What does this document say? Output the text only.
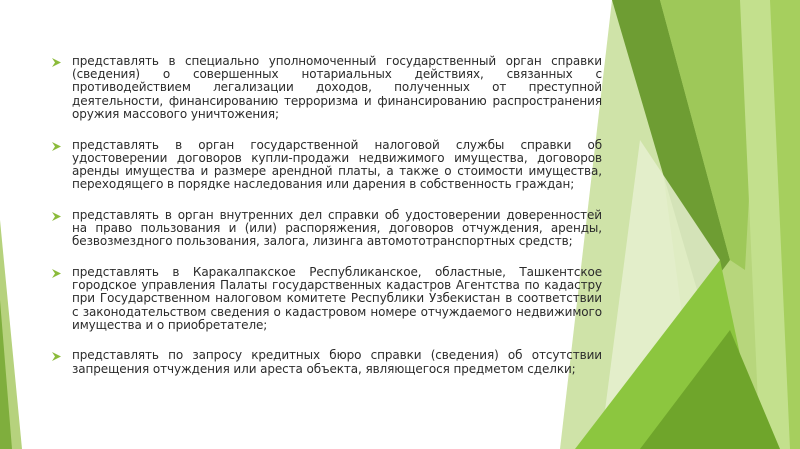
представлять в специально уполномоченный государственный орган справки (сведения) о совершенных нотариальных действиях, связанных с противодействием легализации доходов, полученных от преступной деятельности, финансированию терроризма и финансированию распространения оружия массового уничтожения;
представлять в орган государственной налоговой службы справки об удостоверении договоров купли-продажи недвижимого имущества, договоров аренды имущества и размере арендной платы, а также о стоимости имущества, переходящего в порядке наследования или дарения в собственность граждан;
представлять в орган внутренних дел справки об удостоверении доверенностей на право пользования и (или) распоряжения, договоров отчуждения, аренды, безвозмездного пользования, залога, лизинга автомототранспортных средств;
представлять в Каракалпакское Республиканское, областные, Ташкентское городское управления Палаты государственных кадастров Агентства по кадастру при Государственном налоговом комитете Республики Узбекистан в соответствии с законодательством сведения о кадастровом номере отчуждаемого недвижимого имущества и о приобретателе;
представлять по запросу кредитных бюро справки (сведения) об отсутствии запрещения отчуждения или ареста объекта, являющегося предметом сделки;
